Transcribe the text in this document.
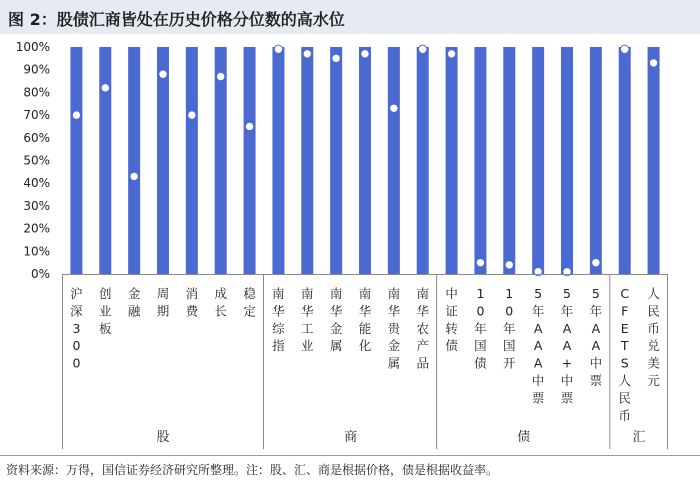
图 2：股债汇商皆处在历史价格分位数的高水位
0%
10%
20%
30%
40%
50%
60%
70%
80%
90%
100%
沪深 3 0 0
创业板
金融
周期
消费
成长
稳定
南华综指
南华工业
南华金属
南华能化
南华贵金属
南华农产品
中证转债
1 0 年国债
1 0 年国开
5 年 A A A 中票
5 年 A A +中票
5 年 A A 中票
C F E T S 人民币
人民币兑美元
股	商	债	汇
资料来源：万得，国信证券经济研究所整理。注：股、汇、商是根据价格，债是根据收益率。
